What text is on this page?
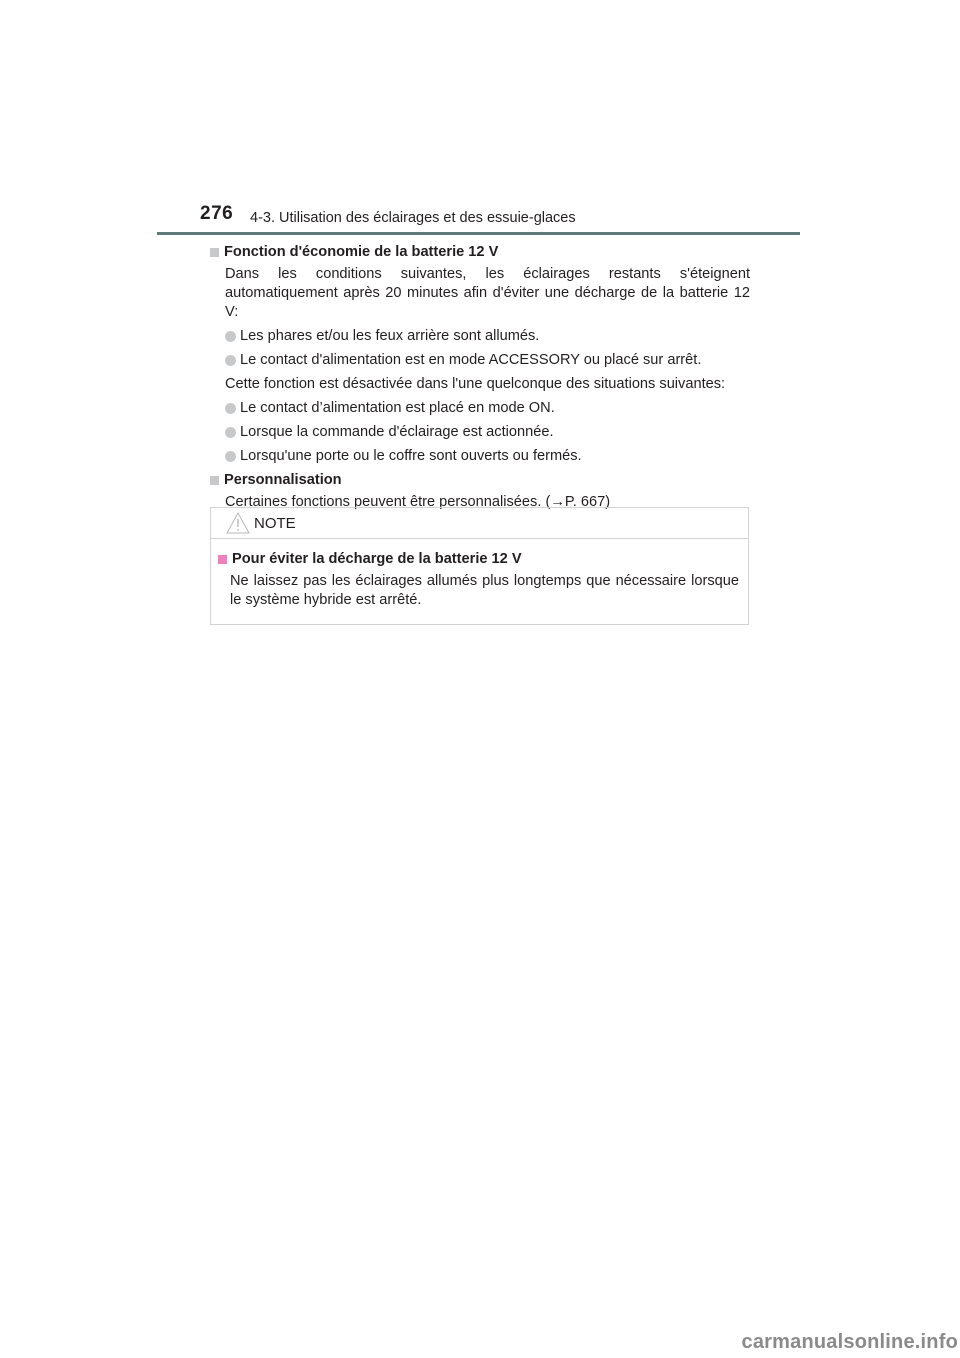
276 4-3. Utilisation des éclairages et des essuie-glaces
Fonction d'économie de la batterie 12 V
Dans les conditions suivantes, les éclairages restants s'éteignent automatiquement après 20 minutes afin d'éviter une décharge de la batterie 12 V:
Les phares et/ou les feux arrière sont allumés.
Le contact d'alimentation est en mode ACCESSORY ou placé sur arrêt.
Cette fonction est désactivée dans l'une quelconque des situations suivantes:
Le contact d’alimentation est placé en mode ON.
Lorsque la commande d'éclairage est actionnée.
Lorsqu'une porte ou le coffre sont ouverts ou fermés.
Personnalisation
Certaines fonctions peuvent être personnalisées. (→P. 667)
NOTE
Pour éviter la décharge de la batterie 12 V
Ne laissez pas les éclairages allumés plus longtemps que nécessaire lorsque le système hybride est arrêté.
carmanualsonline.info
